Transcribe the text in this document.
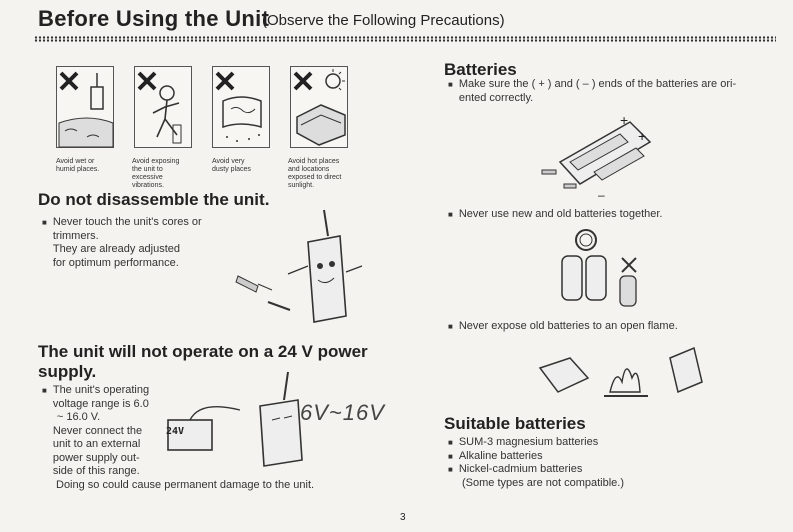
Before Using the Unit
(Observe the Following Precautions)
Avoid wet or
humid places.
Avoid exposing
the unit to
excessive
vibrations.
Avoid very
dusty places
Avoid hot places
and locations
exposed to direct
sunlight.
Do not disassemble the unit.
■ Never touch the unit's cores or
trimmers.
They are already adjusted
for optimum performance.
The unit will not operate on a 24 V power
supply.
■ The unit's operating
voltage range is 6.0
~ 16.0 V.
Never connect the
unit to an external
power supply out-
side of this range.
Doing so could cause permanent damage to the unit.
24V
6V~16V
Batteries
■ Make sure the ( + ) and ( – ) ends of the batteries are ori-
ented correctly.
+
+
–
■ Never use new and old batteries together.
■ Never expose old batteries to an open flame.
Suitable batteries
■ SUM-3 magnesium batteries
■ Alkaline batteries
■ Nickel-cadmium batteries
(Some types are not compatible.)
3
